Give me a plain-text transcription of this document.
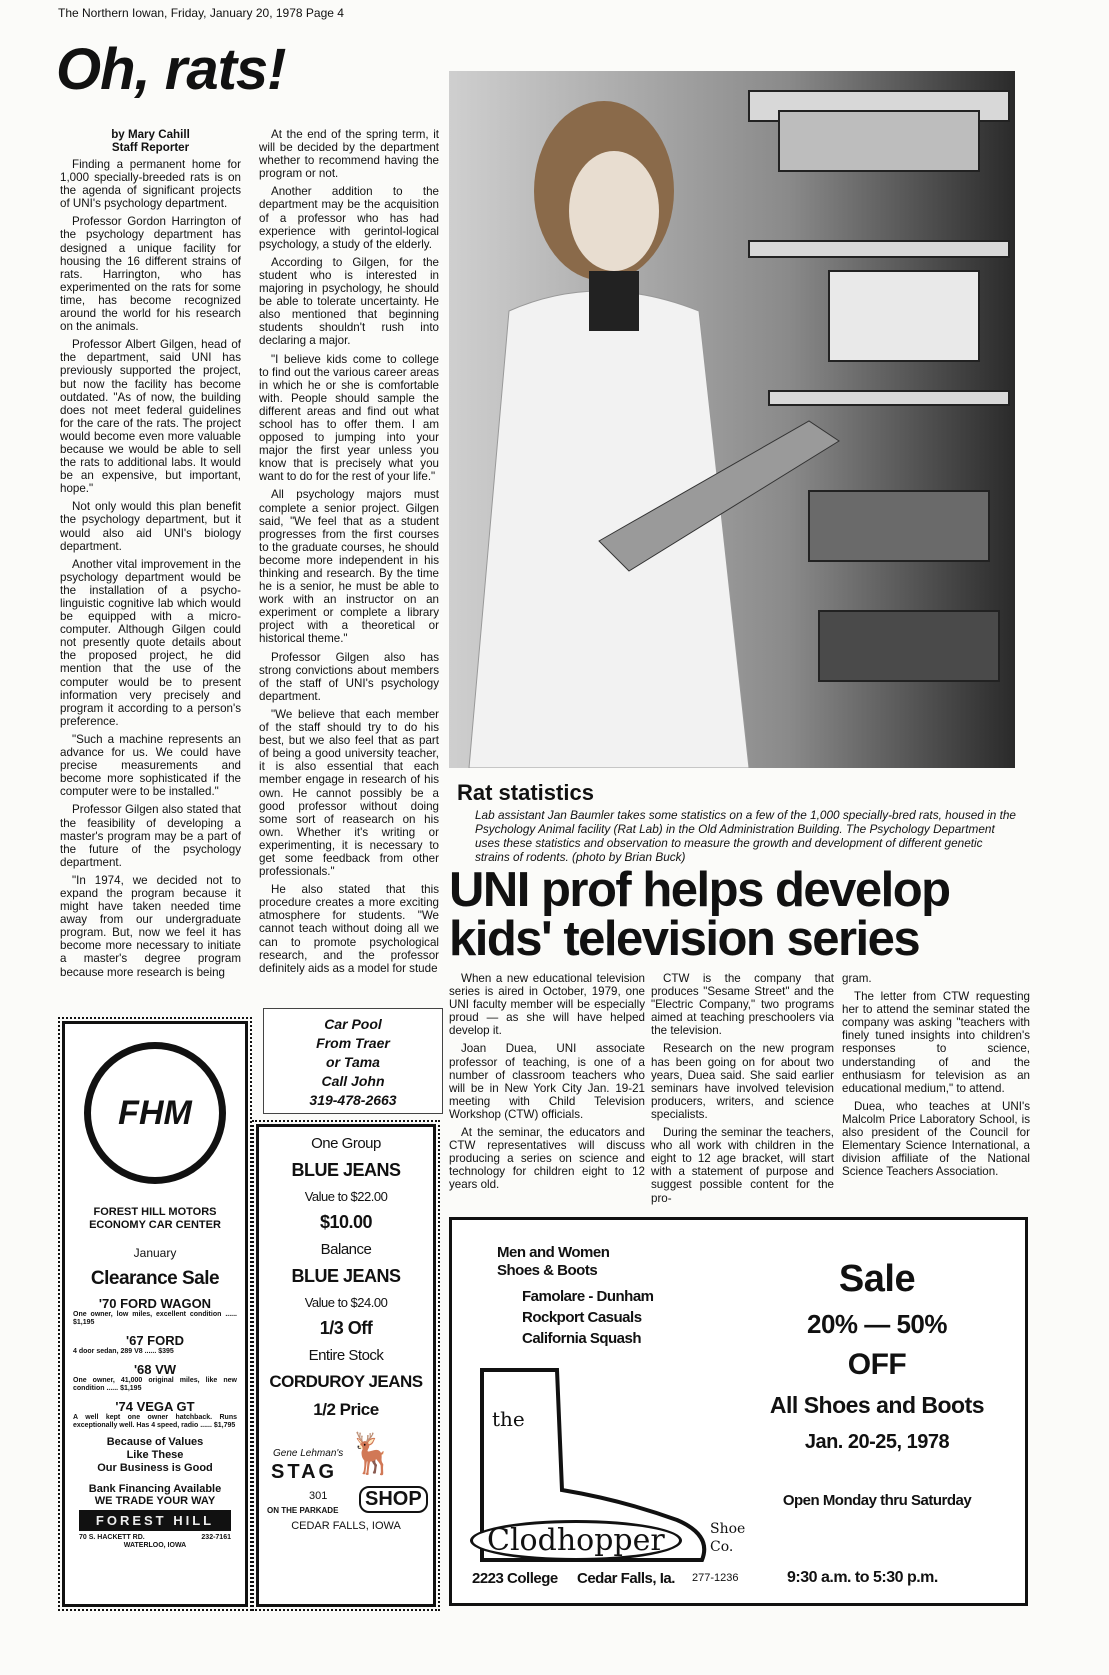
The Northern Iowan, Friday, January 20, 1978 Page 4
Oh, rats!
by Mary Cahill
Staff Reporter

Finding a permanent home for 1,000 specially-breeded rats is on the agenda of significant projects of UNI's psychology department.

Professor Gordon Harrington of the psychology department has designed a unique facility for housing the 16 different strains of rats. Harrington, who has experimented on the rats for some time, has become recognized around the world for his research on the animals.

Professor Albert Gilgen, head of the department, said UNI has previously supported the project, but now the facility has become outdated. "As of now, the building does not meet federal guidelines for the care of the rats. The project would become even more valuable because we would be able to sell the rats to additional labs. It would be an expensive, but important, hope."

Not only would this plan benefit the psychology department, but it would also aid UNI's biology department.

Another vital improvement in the psychology department would be the installation of a psycho-linguistic cognitive lab which would be equipped with a micro-computer. Although Gilgen could not presently quote details about the proposed project, he did mention that the use of the computer would be to present information very precisely and program it according to a person's preference.

"Such a machine represents an advance for us. We could have precise measurements and become more sophisticated if the computer were to be installed."

Professor Gilgen also stated that the feasibility of developing a master's program may be a part of the future of the psychology department.

"In 1974, we decided not to expand the program because it might have taken needed time away from our undergraduate program. But, now we feel it has become more necessary to initiate a master's degree program because more research is being

At the end of the spring term, it will be decided by the department whether to recommend having the program or not.

Another addition to the department may be the acquisition of a professor who has had experience with gerintol-logical psychology, a study of the elderly.

According to Gilgen, for the student who is interested in majoring in psychology, he should be able to tolerate uncertainty. He also mentioned that beginning students shouldn't rush into declaring a major.

"I believe kids come to college to find out the various career areas in which he or she is comfortable with. People should sample the different areas and find out what school has to offer them. I am opposed to jumping into your major the first year unless you know that is precisely what you want to do for the rest of your life."

All psychology majors must complete a senior project. Gilgen said, "We feel that as a student progresses from the first courses to the graduate courses, he should become more independent in his thinking and research. By the time he is a senior, he must be able to work with an instructor on an experiment or complete a library project with a theoretical or historical theme."

Professor Gilgen also has strong convictions about members of the staff of UNI's psychology department.

"We believe that each member of the staff should try to do his best, but we also feel that as part of being a good university teacher, it is also essential that each member engage in research of his own. He cannot possibly be a good professor without doing some sort of reasearch on his own. Whether it's writing or experimenting, it is necessary to get some feedback from other professionals."

He also stated that this procedure creates a more exciting atmosphere for students. "We cannot teach without doing all we can to promote psychological research, and the professor definitely aids as a model for stude

Rat statistics
Lab assistant Jan Baumler takes some statistics on a few of the 1,000 specially-bred rats, housed in the Psychology Animal facility (Rat Lab) in the Old Administration Building. The Psychology Department uses these statistics and observation to measure the growth and development of different genetic strains of rodents. (photo by Brian Buck)
UNI prof helps develop kids' television series

When a new educational television series is aired in October, 1979, one UNI faculty member will be especially proud — as she will have helped develop it.

Joan Duea, UNI associate professor of teaching, is one of a number of classroom teachers who will be in New York City Jan. 19-21 meeting with Child Television Workshop (CTW) officials.

At the seminar, the educators and CTW representatives will discuss producing a series on science and technology for children eight to 12 years old.

CTW is the company that produces "Sesame Street" and the "Electric Company," two programs aimed at teaching preschoolers via the television.

Research on the new program has been going on for about two years, Duea said. She said earlier seminars have involved television producers, writers, and science specialists.

During the seminar the teachers, who all work with children in the eight to 12 age bracket, will start with a statement of purpose and suggest possible content for the pro-

gram.

The letter from CTW requesting her to attend the seminar stated the company was asking "teachers with finely tuned insights into children's responses to science, understanding of and the enthusiasm for television as an educational medium," to attend.

Duea, who teaches at UNI's Malcolm Price Laboratory School, is also president of the Council for Elementary Science International, a division affiliate of the National Science Teachers Association.

FHM
FOREST HILL MOTORS
ECONOMY CAR CENTER
January
Clearance Sale
'70 FORD WAGON
One owner, low miles, excellent condition ...... $1,195
'67 FORD
4 door sedan, 289 V8 ...... $395
'68 VW
One owner, 41,000 original miles, like new condition ...... $1,195
'74 VEGA GT
A well kept one owner hatchback. Runs exceptionally well. Has 4 speed, radio ...... $1,795
Because of Values
Like These
Our Business is Good
Bank Financing Available
WE TRADE YOUR WAY
FOREST HILL
70 S. HACKETT RD.	232-7161
WATERLOO, IOWA
Car Pool
From Traer
or Tama
Call John
319-478-2663
One Group
BLUE JEANS
Value to $22.00
$10.00
Balance
BLUE JEANS
Value to $24.00
1/3 Off
Entire Stock
CORDUROY JEANS
1/2 Price
Gene Lehman's
STAG 🦌
301	SHOP
ON THE PARKADE
CEDAR FALLS, IOWA
Men and Women
Shoes & Boots
Famolare - Dunham
Rockport Casuals
California Squash
the
Clodhopper	Shoe
Co.
Sale
20% — 50%
OFF
All Shoes and Boots
Jan. 20-25, 1978
Open Monday thru Saturday
2223 College Cedar Falls, Ia. 277-1236	9:30 a.m. to 5:30 p.m.
